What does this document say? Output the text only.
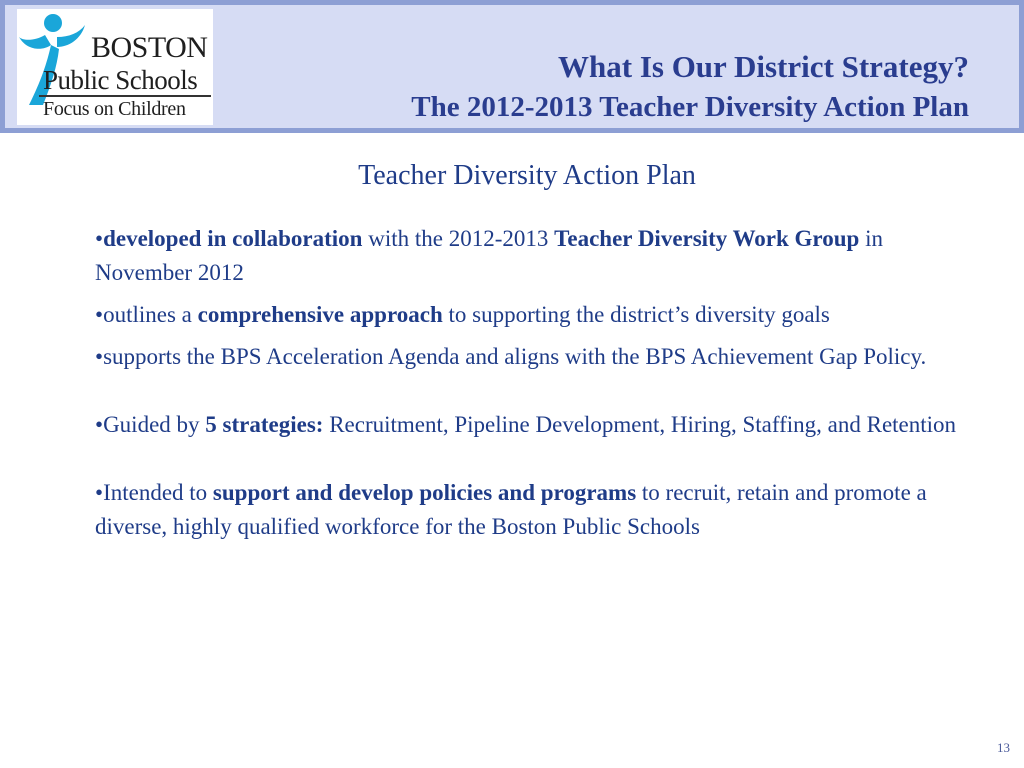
BOSTON
Public Schools
Focus on Children
What Is Our District Strategy?
The 2012-2013 Teacher Diversity Action Plan
Teacher Diversity Action Plan
•developed in collaboration with the 2012-2013 Teacher Diversity Work Group in November 2012
•outlines a comprehensive approach to supporting the district’s diversity goals
•supports the BPS Acceleration Agenda and aligns with the BPS Achievement Gap Policy.
•Guided by 5 strategies: Recruitment, Pipeline Development, Hiring, Staffing, and Retention
•Intended to support and develop policies and programs to recruit, retain and promote a diverse, highly qualified workforce for the Boston Public Schools
13
